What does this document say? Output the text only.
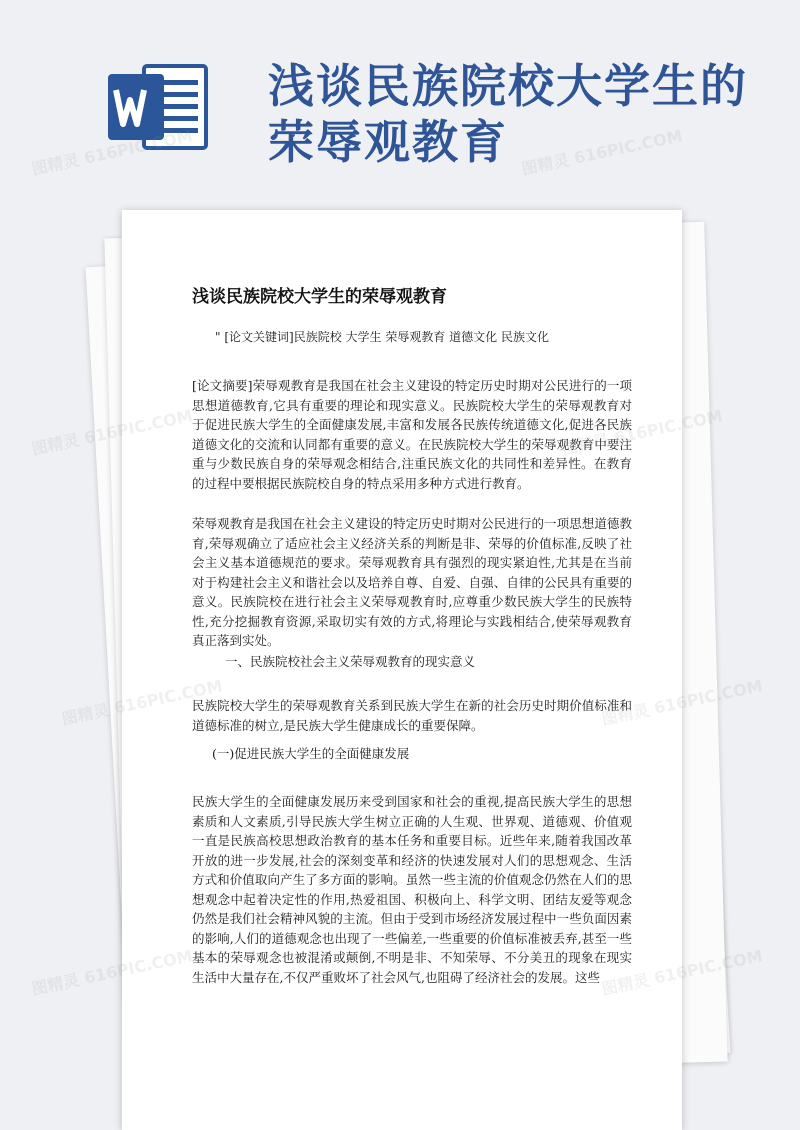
浅谈民族院校大学生的荣辱观教育
浅谈民族院校大学生的荣辱观教育
" [论文关键词]民族院校 大学生 荣辱观教育 道德文化 民族文化

[论文摘要]荣辱观教育是我国在社会主义建设的特定历史时期对公民进行的一项思想道德教育,它具有重要的理论和现实意义。民族院校大学生的荣辱观教育对于促进民族大学生的全面健康发展,丰富和发展各民族传统道德文化,促进各民族道德文化的交流和认同都有重要的意义。在民族院校大学生的荣辱观教育中要注重与少数民族自身的荣辱观念相结合,注重民族文化的共同性和差异性。在教育的过程中要根据民族院校自身的特点采用多种方式进行教育。

荣辱观教育是我国在社会主义建设的特定历史时期对公民进行的一项思想道德教育,荣辱观确立了适应社会主义经济关系的判断是非、荣辱的价值标准,反映了社会主义基本道德规范的要求。荣辱观教育具有强烈的现实紧迫性,尤其是在当前对于构建社会主义和谐社会以及培养自尊、自爱、自强、自律的公民具有重要的意义。民族院校在进行社会主义荣辱观教育时,应尊重少数民族大学生的民族特性,充分挖掘教育资源,采取切实有效的方式,将理论与实践相结合,使荣辱观教育真正落到实处。

一、民族院校社会主义荣辱观教育的现实意义

民族院校大学生的荣辱观教育关系到民族大学生在新的社会历史时期价值标准和道德标准的树立,是民族大学生健康成长的重要保障。

(一)促进民族大学生的全面健康发展

民族大学生的全面健康发展历来受到国家和社会的重视,提高民族大学生的思想素质和人文素质,引导民族大学生树立正确的人生观、世界观、道德观、价值观一直是民族高校思想政治教育的基本任务和重要目标。近些年来,随着我国改革开放的进一步发展,社会的深刻变革和经济的快速发展对人们的思想观念、生活方式和价值取向产生了多方面的影响。虽然一些主流的价值观念仍然在人们的思想观念中起着决定性的作用,热爱祖国、积极向上、科学文明、团结友爱等观念仍然是我们社会精神风貌的主流。但由于受到市场经济发展过程中一些负面因素的影响,人们的道德观念也出现了一些偏差,一些重要的价值标准被丢弃,甚至一些基本的荣辱观念也被混淆或颠倒,不明是非、不知荣辱、不分美丑的现象在现实生活中大量存在,不仅严重败坏了社会风气,也阻碍了经济社会的发展。这些

图精灵 616PIC.COM	图精灵 616PIC.COM
图精灵
图精灵
图精灵 616PIC.COM
